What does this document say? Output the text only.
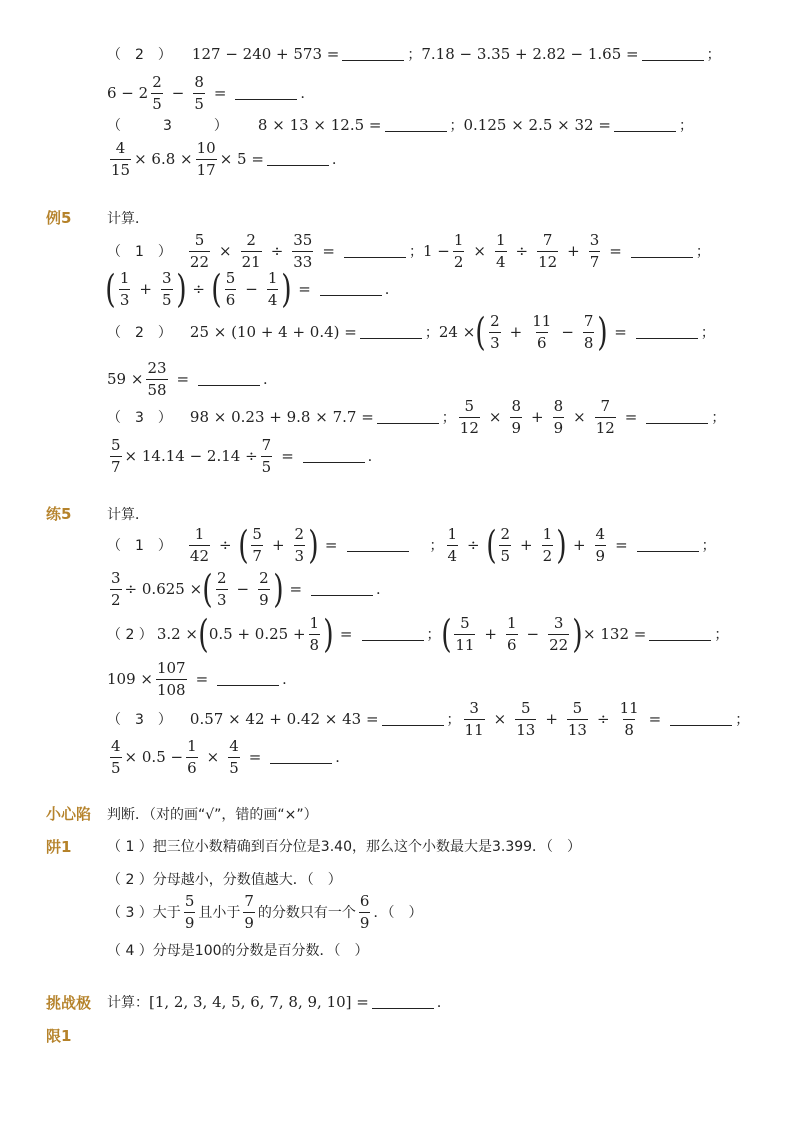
（　2　） 127 − 240 + 573 =	； 7.18 − 3.35 + 2.82 − 1.65 =	；
$6 - 2 \frac{2}{5} - \frac{8}{5}$ =	．
（　　　3　　　） 8 × 13 × 12.5 =	； 0.125 × 2.5 × 32 =	；
$\frac{4}{15} \times 6.8 \times \frac{10}{17} \times 5$ =	．
例5	计算．
（　1　） $\frac{5}{22} \times \frac{2}{21} \div \frac{35}{33}$ =	； $1 - \frac{1}{2} \times \frac{1}{4} \div \frac{7}{12} + \frac{3}{7}$ =	；
( $\frac{1}{3} + \frac{3}{5}$ ) ÷ ( $\frac{5}{6} - \frac{1}{4}$ ) =	．
（　2　） 25 × (10 + 4 + 0.4) =	； 24 × ( $\frac{2}{3} + \frac{11}{6} - \frac{7}{8}$ ) =	；
$59 \times \frac{23}{58}$ =	．
（　3　） 98 × 0.23 + 9.8 × 7.7 =	； $\frac{5}{12} \times \frac{8}{9} + \frac{8}{9} \times \frac{7}{12}$ =	；
$\frac{5}{7} \times 14.14 - 2.14 \div \frac{7}{5}$ =	．
练5	计算．
（　1　） $\frac{1}{42}$ ÷ ( $\frac{5}{7} + \frac{2}{3}$ ) =	； $\frac{1}{4}$ ÷ ( $\frac{2}{5} + \frac{1}{2}$ ) + $\frac{4}{9}$ =	；
$\frac{3}{2} \div 0.625$ × ( $\frac{2}{3} - \frac{2}{9}$ ) =	．
（ 2 ） 3.2 × ( $0.5 + 0.25 + \frac{1}{8}$ ) =	； ( $\frac{5}{11} + \frac{1}{6} - \frac{3}{22}$ ) × 132 =	；
$109 \times \frac{107}{108}$ =	．
（　3　） 0.57 × 42 + 0.42 × 43 =	； $\frac{3}{11} \times \frac{5}{13} + \frac{5}{13} \div \frac{11}{8}$ =	；
$\frac{4}{5} \times 0.5 - \frac{1}{6} \times \frac{4}{5}$ =	．
小心陷
阱1
判断．（对的画“√”，错的画“×”）
（ 1 ）把三位小数精确到百分位是3.40，那么这个小数最大是3.399．（　）
（ 2 ）分母越小，分数值越大．（　）
（ 3 ）大于 $\frac{5}{9}$ 且小于 $\frac{7}{9}$ 的分数只有一个 $\frac{6}{9}$ ．（　）
（ 4 ）分母是100的分数是百分数．（　）
挑战极
限1
计算： [1, 2, 3, 4, 5, 6, 7, 8, 9, 10] =	．
